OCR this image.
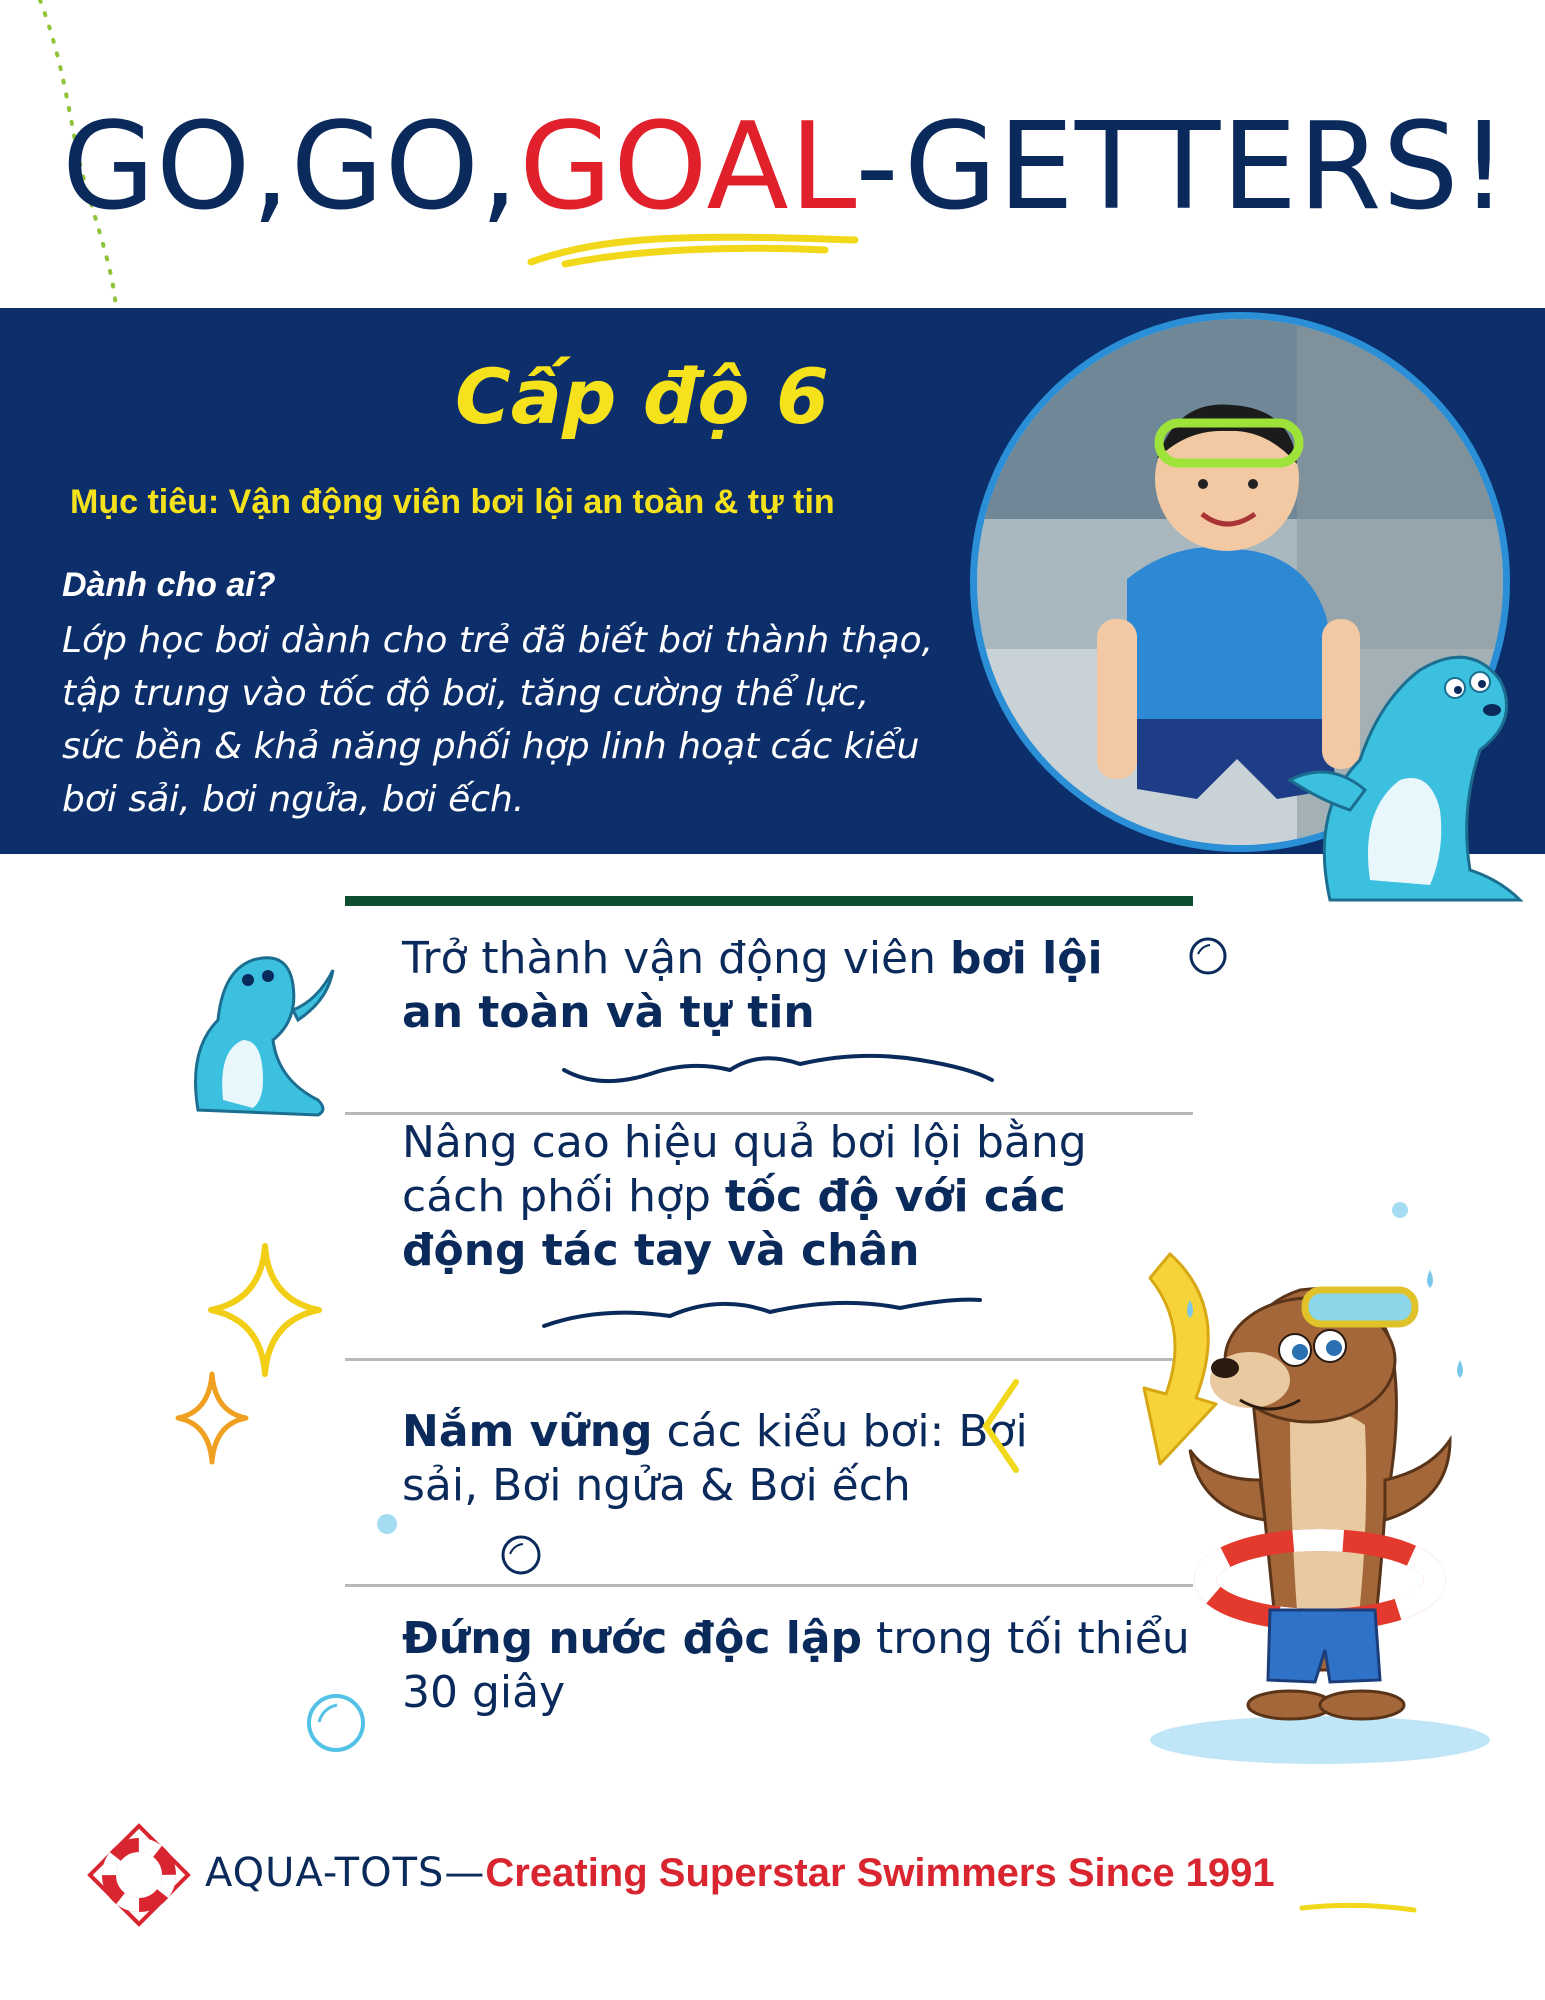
GO,GO,GOAL-GETTERS!
Cấp độ 6
Mục tiêu: Vận động viên bơi lội an toàn & tự tin
Dành cho ai?
Lớp học bơi dành cho trẻ đã biết bơi thành thạo, tập trung vào tốc độ bơi, tăng cường thể lực, sức bền & khả năng phối hợp linh hoạt các kiểu bơi sải, bơi ngửa, bơi ếch.
Trở thành vận động viên bơi lội an toàn và tự tin
Nâng cao hiệu quả bơi lội bằng cách phối hợp tốc độ với các động tác tay và chân
Nắm vững các kiểu bơi: Bơi sải, Bơi ngửa & Bơi ếch
Đứng nước độc lập trong tối thiểu 30 giây
AQUA-TOTS—Creating Superstar Swimmers Since 1991
